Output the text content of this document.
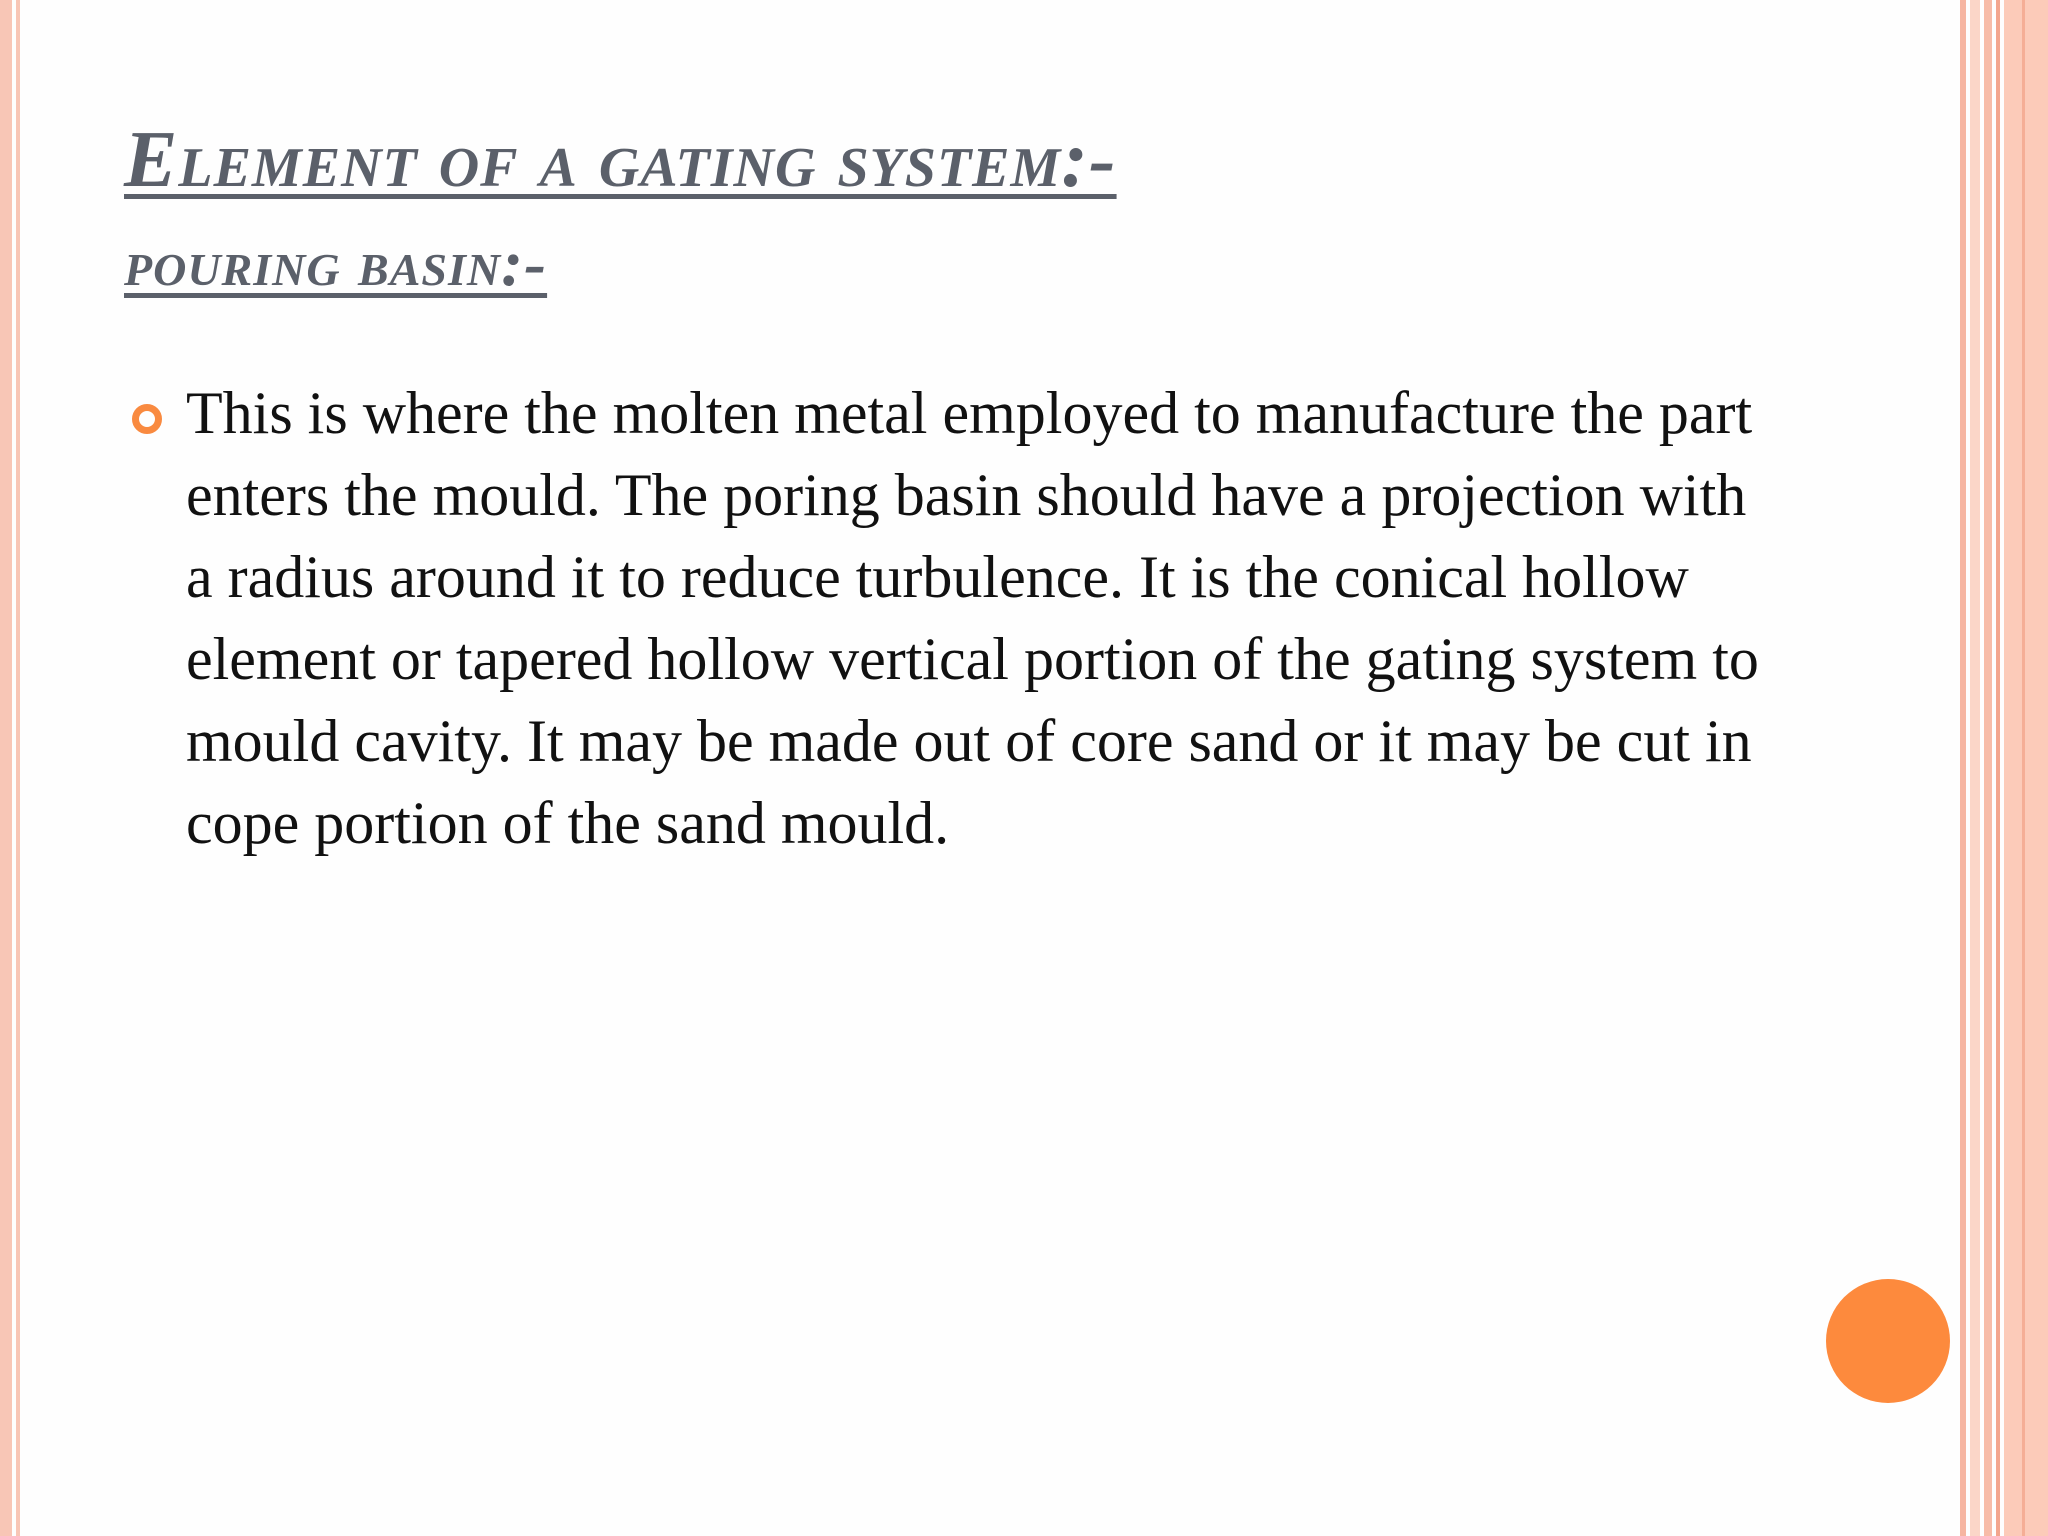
Element of a gating system:-
pouring basin:-

This is where the molten metal employed to manufacture the part enters the mould. The poring basin should have a projection with a radius around it to reduce turbulence. It is the conical hollow element or tapered hollow vertical portion of the gating system to mould cavity. It may be made out of core sand or it may be cut in cope portion of the sand mould.
